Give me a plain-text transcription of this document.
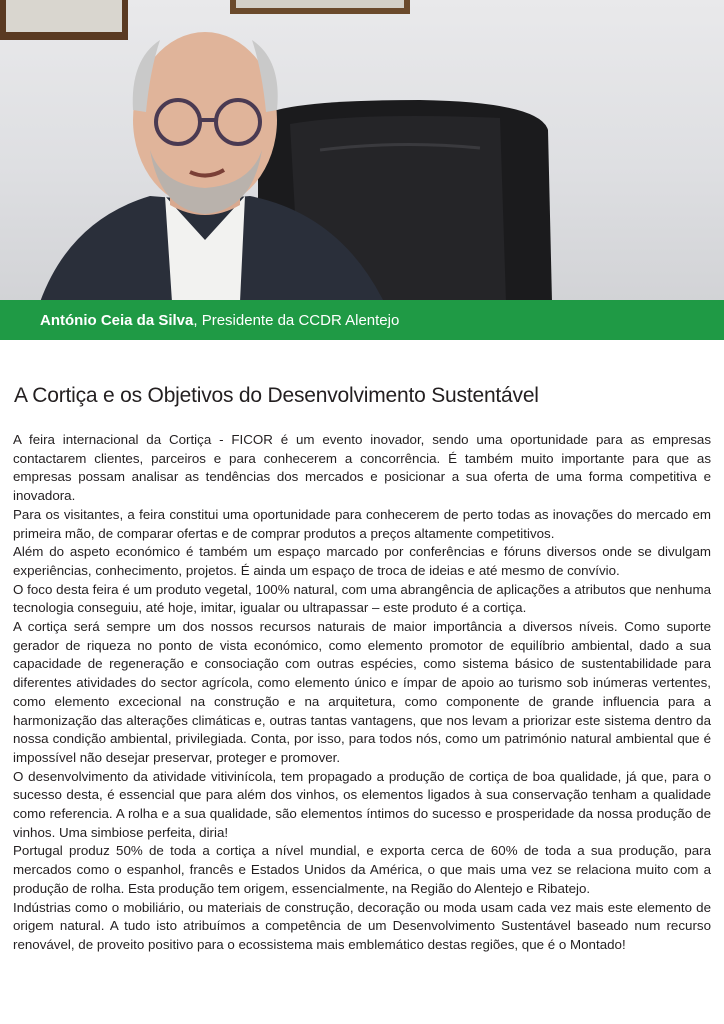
António Ceia da Silva , Presidente da CCDR Alentejo
A Cortiça e os Objetivos do Desenvolvimento Sustentável

A feira internacional da Cortiça - FICOR é um evento inovador, sendo uma oportunidade para as empresas contactarem clientes, parceiros e para conhecerem a concorrência. É também muito importante para que as empresas possam analisar as tendências dos mercados e posicionar a sua oferta de uma forma competitiva e inovadora.

Para os visitantes, a feira constitui uma oportunidade para conhecerem de perto todas as inovações do mercado em primeira mão, de comparar ofertas e de comprar produtos a preços altamente competitivos.

Além do aspeto económico é também um espaço marcado por conferências e fóruns diversos onde se divulgam experiências, conhecimento, projetos. É ainda um espaço de troca de ideias e até mesmo de convívio.

O foco desta feira é um produto vegetal, 100% natural, com uma abrangência de aplicações a atributos que nenhuma tecnologia conseguiu, até hoje, imitar, igualar ou ultrapassar – este produto é a cortiça.

A cortiça será sempre um dos nossos recursos naturais de maior importância a diversos níveis. Como suporte gerador de riqueza no ponto de vista económico, como elemento promotor de equilíbrio ambiental, dado a sua capacidade de regeneração e consociação com outras espécies, como sistema básico de sustentabilidade para diferentes atividades do sector agrícola, como elemento único e ímpar de apoio ao turismo sob inúmeras vertentes, como elemento excecional na construção e na arquitetura, como componente de grande influencia para a harmonização das alterações climáticas e, outras tantas vantagens, que nos levam a priorizar este sistema dentro da nossa condição ambiental, privilegiada. Conta, por isso, para todos nós, como um património natural ambiental que é impossível não desejar preservar, proteger e promover.

O desenvolvimento da atividade vitivinícola, tem propagado a produção de cortiça de boa qualidade, já que, para o sucesso desta, é essencial que para além dos vinhos, os elementos ligados à sua conservação tenham a qualidade como referencia. A rolha e a sua qualidade, são elementos íntimos do sucesso e prosperidade da nossa produção de vinhos. Uma simbiose perfeita, diria!

Portugal produz 50% de toda a cortiça a nível mundial, e exporta cerca de 60% de toda a sua produção, para mercados como o espanhol, francês e Estados Unidos da América, o que mais uma vez se relaciona muito com a produção de rolha. Esta produção tem origem, essencialmente, na Região do Alentejo e Ribatejo.

Indústrias como o mobiliário, ou materiais de construção, decoração ou moda usam cada vez mais este elemento de origem natural. A tudo isto atribuímos a competência de um Desenvolvimento Sustentável baseado num recurso renovável, de proveito positivo para o ecossistema mais emblemático destas regiões, que é o Montado!
